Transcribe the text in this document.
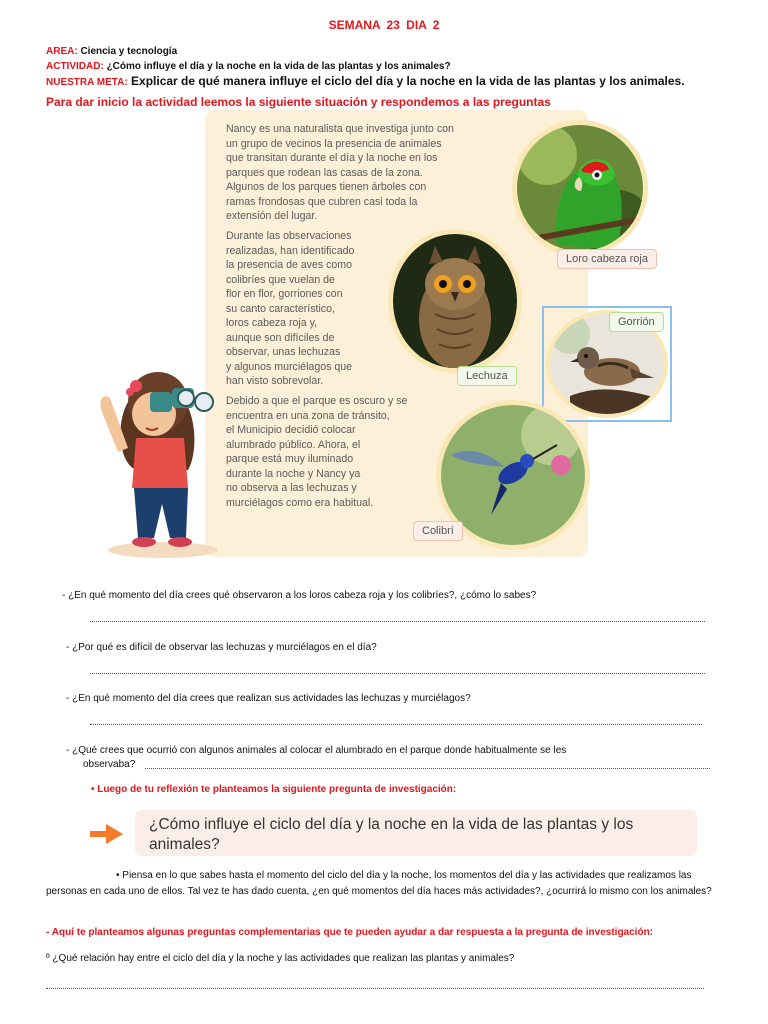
SEMANA 23 DIA 2
AREA: Ciencia y tecnología
ACTIVIDAD: ¿Cómo influye el día y la noche en la vida de las plantas y los animales?
NUESTRA META: Explicar de qué manera influye el ciclo del día y la noche en la vida de las plantas y los animales.
Para dar inicio la actividad leemos la siguiente situación y respondemos a las preguntas
Nancy es una naturalista que investiga junto con
un grupo de vecinos la presencia de animales
que transitan durante el día y la noche en los
parques que rodean las casas de la zona.
Algunos de los parques tienen árboles con
ramas frondosas que cubren casi toda la
extensión del lugar.
Durante las observaciones
realizadas, han identificado
la presencia de aves como
colibríes que vuelan de
flor en flor, gorriones con
su canto característico,
loros cabeza roja y,
aunque son difíciles de
observar, unas lechuzas
y algunos murciélagos que
han visto sobrevolar.
Debido a que el parque es oscuro y se
encuentra en una zona de tránsito,
el Municipio decidió colocar
alumbrado público. Ahora, el
parque está muy iluminado
durante la noche y Nancy ya
no observa a las lechuzas y
murciélagos como era habitual.
Loro cabeza roja
Lechuza
Gorrión
Colibrí
- ¿En qué momento del día crees qué observaron a los loros cabeza roja y los colibríes?, ¿cómo lo sabes?
- ¿Por qué es difícil de observar las lechuzas y murciélagos en el día?
- ¿En qué momento del día crees que realizan sus actividades las lechuzas y murciélagos?
- ¿Qué crees que ocurrió con algunos animales al colocar el alumbrado en el parque donde habitualmente se les
observaba?
• Luego de tu reflexión te planteamos la siguiente pregunta de investigación:
¿Cómo influye el ciclo del día y la noche en la vida de las plantas y los animales?
• Piensa en lo que sabes hasta el momento del ciclo del día y la noche, los momentos del día y las actividades que realizamos las personas en cada uno de ellos. Tal vez te has dado cuenta, ¿en qué momentos del día haces más actividades?, ¿ocurrirá lo mismo con los animales?
- Aquí te planteamos algunas preguntas complementarias que te pueden ayudar a dar respuesta a la pregunta de investigación:
º ¿Qué relación hay entre el ciclo del día y la noche y las actividades que realizan las plantas y animales?
